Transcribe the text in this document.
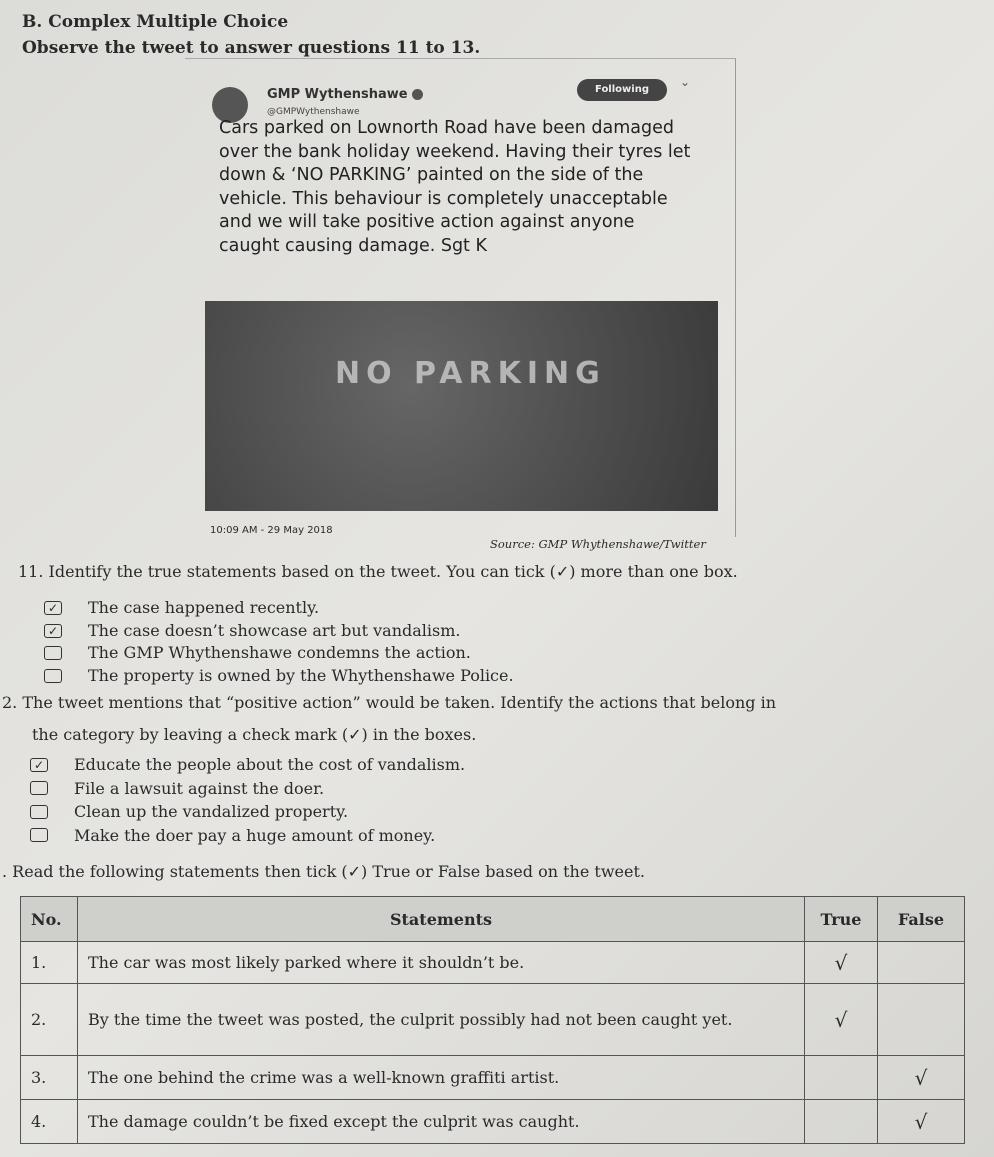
B. Complex Multiple Choice
Observe the tweet to answer questions 11 to 13.
GMP Wythenshawe
@GMPWythenshawe
Following
⌄
Cars parked on Lownorth Road have been damaged over the bank holiday weekend. Having their tyres let down & ‘NO PARKING’ painted on the side of the vehicle. This behaviour is completely unacceptable and we will take positive action against anyone caught causing damage. Sgt K
NO PARKING
10:09 AM - 29 May 2018
Source: GMP Whythenshawe/Twitter
11. Identify the true statements based on the tweet. You can tick (✓) more than one box.
✓ The case happened recently.
✓ The case doesn’t showcase art but vandalism.
The GMP Whythenshawe condemns the action.
The property is owned by the Whythenshawe Police.
2. The tweet mentions that “positive action” would be taken. Identify the actions that belong in
the category by leaving a check mark (✓) in the boxes.
✓ Educate the people about the cost of vandalism.
File a lawsuit against the doer.
Clean up the vandalized property.
Make the doer pay a huge amount of money.
. Read the following statements then tick (✓) True or False based on the tweet.
No.	Statements	True	False
1.	The car was most likely parked where it shouldn’t be.	√	
2.	By the time the tweet was posted, the culprit possibly had not been caught yet.	√	
3.	The one behind the crime was a well-known graffiti artist.		√
4.	The damage couldn’t be fixed except the culprit was caught.		√
